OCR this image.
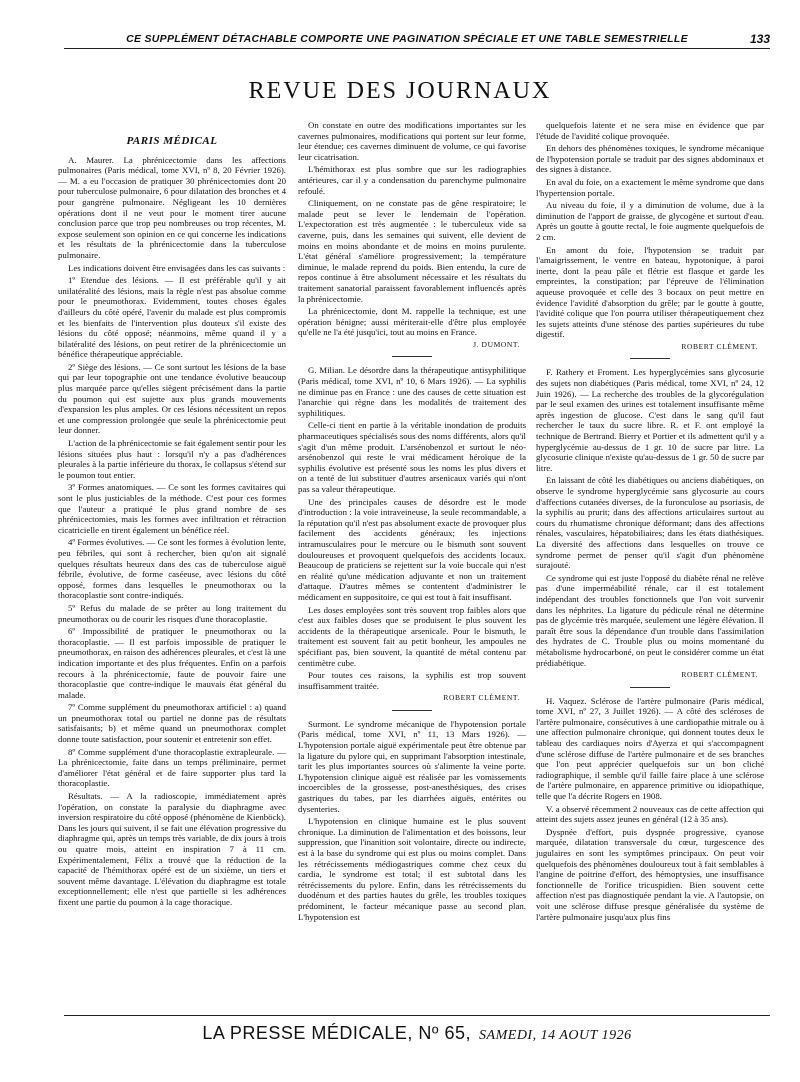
CE SUPPLÉMENT DÉTACHABLE COMPORTE UNE PAGINATION SPÉCIALE ET UNE TABLE SEMESTRIELLE	133
REVUE DES JOURNAUX
PARIS MÉDICAL

A. Maurer. La phrénicectomie dans les affections pulmonaires (Paris médical, tome XVI, nº 8, 20 Février 1926). — M. a eu l'occasion de pratiquer 30 phrénicectomies dont 20 pour tuberculose pulmonaire, 6 pour dilatation des bronches et 4 pour gangrène pulmonaire. Négligeant les 10 dernières opérations dont il ne veut pour le moment tirer aucune conclusion parce que trop peu nombreuses ou trop récentes, M. expose seulement son opinion en ce qui concerne les indications et les résultats de la phrénicectomie dans la tuberculose pulmonaire.

Les indications doivent être envisagées dans les cas suivants :

1º Etendue des lésions. — Il est préférable qu'il y ait unilatéralité des lésions, mais la règle n'est pas absolue comme pour le pneumothorax. Evidemment, toutes choses égales d'ailleurs du côté opéré, l'avenir du malade est plus compromis et les bienfaits de l'intervention plus douteux s'il existe des lésions du côté opposé; néanmoins, même quand il y a bilatéralité des lésions, on peut retirer de la phrénicectomie un bénéfice thérapeutique appréciable.

2º Siège des lésions. — Ce sont surtout les lésions de la base qui par leur topographie ont une tendance évolutive beaucoup plus marquée parce qu'elles siègent précisément dans la partie du poumon qui est sujette aux plus grands mouvements d'expansion les plus amples. Or ces lésions nécessitent un repos et une compression prolongée que seule la phrénicectomie peut leur donner.

L'action de la phrénicectomie se fait également sentir pour les lésions situées plus haut : lorsqu'il n'y a pas d'adhérences pleurales à la partie inférieure du thorax, le collapsus s'étend sur le poumon tout entier.

3º Formes anatomiques. — Ce sont les formes cavitaires qui sont le plus justiciables de la méthode. C'est pour ces formes que l'auteur a pratiqué le plus grand nombre de ses phrénicectomies, mais les formes avec infiltration et rétraction cicatricielle en tirent également un bénéfice réel.

4º Formes évolutives. — Ce sont les formes à évolution lente, peu fébriles, qui sont à rechercher, bien qu'on ait signalé quelques résultats heureux dans des cas de tuberculose aiguë fébrile, évolutive, de forme caséeuse, avec lésions du côté opposé, formes dans lesquelles le pneumothorax ou la thoracoplastie sont contre-indiqués.

5º Refus du malade de se prêter au long traitement du pneumothorax ou de courir les risques d'une thoracoplastie.

6º Impossibilité de pratiquer le pneumothorax ou la thoracoplastie. — Il est parfois impossible de pratiquer le pneumothorax, en raison des adhérences pleurales, et c'est là une indication importante et des plus fréquentes. Enfin on a parfois recours à la phrénicectomie, faute de pouvoir faire une thoracoplastie que contre-indique le mauvais état général du malade.

7º Comme supplément du pneumothorax artificiel : a) quand un pneumothorax total ou partiel ne donne pas de résultats satisfaisants; b) et même quand un pneumothorax complet donne toute satisfaction, pour soutenir et entretenir son effet.

8º Comme supplément d'une thoracoplastie extrapleurale. — La phrénicectomie, faite dans un temps préliminaire, permet d'améliorer l'état général et de faire supporter plus tard la thoracoplastie.

Résultats. — A la radioscopie, immédiatement après l'opération, on constate la paralysie du diaphragme avec inversion respiratoire du côté opposé (phénomène de Kienböck). Dans les jours qui suivent, il se fait une élévation progressive du diaphragme qui, après un temps très variable, de dix jours à trois ou quatre mois, atteint en inspiration 7 à 11 cm. Expérimentalement, Félix a trouvé que la réduction de la capacité de l'hémithorax opéré est de un sixième, un tiers et souvent même davantage. L'élévation du diaphragme est totale exceptionnellement; elle n'est que partielle si les adhérences fixent une partie du poumon à la cage thoracique.

On constate en outre des modifications importantes sur les cavernes pulmonaires, modifications qui portent sur leur forme, leur étendue; ces cavernes diminuent de volume, ce qui favorise leur cicatrisation.

L'hémithorax est plus sombre que sur les radiographies antérieures, car il y a condensation du parenchyme pulmonaire refoulé.

Cliniquement, on ne constate pas de gêne respiratoire; le malade peut se lever le lendemain de l'opération. L'expectoration est très augmentée : le tuberculeux vide sa caverne, puis, dans les semaines qui suivent, elle devient de moins en moins abondante et de moins en moins purulente. L'état général s'améliore progressivement; la température diminue, le malade reprend du poids. Bien entendu, la cure de repos continue à être absolument nécessaire et les résultats du traitement sanatorial paraissent favorablement influencés après la phrénicectomie.

La phrénicectomie, dont M. rappelle la technique, est une opération bénigne; aussi mériterait-elle d'être plus employée qu'elle ne l'a été jusqu'ici, tout au moins en France.

J. DUMONT.

G. Milian. Le désordre dans la thérapeutique antisyphilitique (Paris médical, tome XVI, nº 10, 6 Mars 1926). — La syphilis ne diminue pas en France : une des causes de cette situation est l'anarchie qui règne dans les modalités de traitement des syphilitiques.

Celle-ci tient en partie à la véritable inondation de produits pharmaceutiques spécialisés sous des noms différents, alors qu'il s'agit d'un même produit. L'arsénobenzol et surtout le néo-arsénobenzol qui reste le vrai médicament héroïque de la syphilis évolutive est présenté sous les noms les plus divers et on a tenté de lui substituer d'autres arsenicaux variés qui n'ont pas sa valeur thérapeutique.

Une des principales causes de désordre est le mode d'introduction : la voie intraveineuse, la seule recommandable, a la réputation qu'il n'est pas absolument exacte de provoquer plus facilement des accidents généraux; les injections intramusculaires pour le mercure ou le bismuth sont souvent douloureuses et provoquent quelquefois des accidents locaux. Beaucoup de praticiens se rejettent sur la voie buccale qui n'est en réalité qu'une médication adjuvante et non un traitement d'attaque. D'autres mêmes se contentent d'administrer le médicament en suppositoire, ce qui est tout à fait insuffisant.

Les doses employées sont très souvent trop faibles alors que c'est aux faibles doses que se produisent le plus souvent les accidents de la thérapeutique arsenicale. Pour le bismuth, le traitement est souvent fait au petit bonheur, les ampoules ne spécifiant pas, bien souvent, la quantité de métal contenu par centimètre cube.

Pour toutes ces raisons, la syphilis est trop souvent insuffisamment traitée.

ROBERT CLÉMENT.

Surmont. Le syndrome mécanique de l'hypotension portale (Paris médical, tome XVI, nº 11, 13 Mars 1926). — L'hypotension portale aiguë expérimentale peut être obtenue par la ligature du pylore qui, en supprimant l'absorption intestinale, tarit les plus importantes sources où s'alimente la veine porte. L'hypotension clinique aiguë est réalisée par les vomissements incoercibles de la grossesse, post-anesthésiques, des crises gastriques du tabes, par les diarrhées aiguës, entérites ou dysenteries.

L'hypotension en clinique humaine est le plus souvent chronique. La diminution de l'alimentation et des boissons, leur suppression, que l'inanition soit volontaire, directe ou indirecte, est à la base du syndrome qui est plus ou moins complet. Dans les rétrécissements médiogastriques comme chez ceux du cardia, le syndrome est total; il est subtotal dans les rétrécissements du pylore. Enfin, dans les rétrécissements du duodénum et des parties hautes du grêle, les troubles toxiques prédominent, le facteur mécanique passe au second plan. L'hypotension est

quelquefois latente et ne sera mise en évidence que par l'étude de l'avidité colique provoquée.

En dehors des phénomènes toxiques, le syndrome mécanique de l'hypotension portale se traduit par des signes abdominaux et des signes à distance.

En aval du foie, on a exactement le même syndrome que dans l'hypertension portale.

Au niveau du foie, il y a diminution de volume, due à la diminution de l'apport de graisse, de glycogène et surtout d'eau. Après un goutte à goutte rectal, le foie augmente quelquefois de 2 cm.

En amont du foie, l'hypotension se traduit par l'amaigrissement, le ventre en bateau, hypotonique, à paroi inerte, dont la peau pâle et flétrie est flasque et garde les empreintes, la constipation; par l'épreuve de l'élimination aqueuse provoquée et celle des 3 bocaux on peut mettre en évidence l'avidité d'absorption du grêle; par le goutte à goutte, l'avidité colique que l'on pourra utiliser thérapeutiquement chez les sujets atteints d'une sténose des parties supérieures du tube digestif.

ROBERT CLÉMENT.

F. Rathery et Froment. Les hyperglycémies sans glycosurie des sujets non diabétiques (Paris médical, tome XVI, nº 24, 12 Juin 1926). — La recherche des troubles de la glycorégulation par le seul examen des urines est totalement insuffisante même après ingestion de glucose. C'est dans le sang qu'il faut rechercher le taux du sucre libre. R. et F. ont employé la technique de Bertrand. Bierry et Portier et ils admettent qu'il y a hyperglycémie au-dessus de 1 gr. 10 de sucre par litre. La glycosurie clinique n'existe qu'au-dessus de 1 gr. 50 de sucre par litre.

En laissant de côté les diabétiques ou anciens diabétiques, on observe le syndrome hyperglycémie sans glycosurie au cours d'affections cutanées diverses, de la furonculose au psoriasis, de la syphilis au prurit; dans des affections articulaires surtout au cours du rhumatisme chronique déformant; dans des affections rénales, vasculaires, hépatobiliaires; dans les états diathésiques. La diversité des affections dans lesquelles on trouve ce syndrome permet de penser qu'il s'agit d'un phénomène surajouté.

Ce syndrome qui est juste l'opposé du diabète rénal ne relève pas d'une imperméabilité rénale, car il est totalement indépendant des troubles fonctionnels que l'on voit survenir dans les néphrites. La ligature du pédicule rénal ne détermine pas de glycémie très marquée, seulement une légère élévation. Il paraît être sous la dépendance d'un trouble dans l'assimilation des hydrates de C. Trouble plus ou moins momentané du métabolisme hydrocarboné, on peut le considérer comme un état prédiabétique.

ROBERT CLÉMENT.

H. Vaquez. Sclérose de l'artère pulmonaire (Paris médical, tome XVI, nº 27, 3 Juillet 1926). — A côté des scléroses de l'artère pulmonaire, consécutives à une cardiopathie mitrale ou à une affection pulmonaire chronique, qui donnent toutes deux le tableau des cardiaques noirs d'Ayerza et qui s'accompagnent d'une sclérose diffuse de l'artère pulmonaire et de ses branches que l'on peut apprécier quelquefois sur un bon cliché radiographique, il semble qu'il faille faire place à une sclérose de l'artère pulmonaire, en apparence primitive ou idiopathique, telle que l'a décrite Rogers en 1908.

V. a observé récemment 2 nouveaux cas de cette affection qui atteint des sujets assez jeunes en général (12 à 35 ans).

Dyspnée d'effort, puis dyspnée progressive, cyanose marquée, dilatation transversale du cœur, turgescence des jugulaires en sont les symptômes principaux. On peut voir quelquefois des phénomènes douloureux tout à fait semblables à l'angine de poitrine d'effort, des hémoptysies, une insuffisance fonctionnelle de l'orifice tricuspidien. Bien souvent cette affection n'est pas diagnostiquée pendant la vie. A l'autopsie, on voit une sclérose diffuse presque généralisée du système de l'artère pulmonaire jusqu'aux plus fins

LA PRESSE MÉDICALE, Nº 65, SAMEDI, 14 AOUT 1926
